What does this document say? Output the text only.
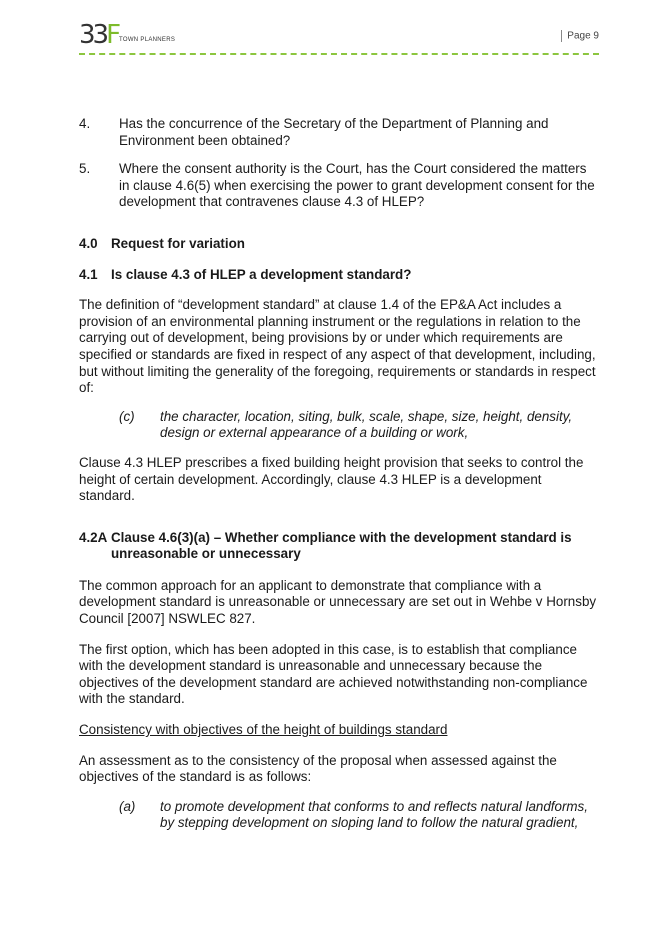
33F TOWN PLANNERS	Page 9
4.	Has the concurrence of the Secretary of the Department of Planning and Environment been obtained?
5.	Where the consent authority is the Court, has the Court considered the matters in clause 4.6(5) when exercising the power to grant development consent for the development that contravenes clause 4.3 of HLEP?
4.0 Request for variation
4.1 Is clause 4.3 of HLEP a development standard?

The definition of “development standard” at clause 1.4 of the EP&A Act includes a provision of an environmental planning instrument or the regulations in relation to the carrying out of development, being provisions by or under which requirements are specified or standards are fixed in respect of any aspect of that development, including, but without limiting the generality of the foregoing, requirements or standards in respect of:

(c)	the character, location, siting, bulk, scale, shape, size, height, density, design or external appearance of a building or work,

Clause 4.3 HLEP prescribes a fixed building height provision that seeks to control the height of certain development. Accordingly, clause 4.3 HLEP is a development standard.

4.2A Clause 4.6(3)(a) – Whether compliance with the development standard is unreasonable or unnecessary

The common approach for an applicant to demonstrate that compliance with a development standard is unreasonable or unnecessary are set out in Wehbe v Hornsby Council [2007] NSWLEC 827.

The first option, which has been adopted in this case, is to establish that compliance with the development standard is unreasonable and unnecessary because the objectives of the development standard are achieved notwithstanding non-compliance with the standard.

Consistency with objectives of the height of buildings standard

An assessment as to the consistency of the proposal when assessed against the objectives of the standard is as follows:

(a)	to promote development that conforms to and reflects natural landforms, by stepping development on sloping land to follow the natural gradient,
